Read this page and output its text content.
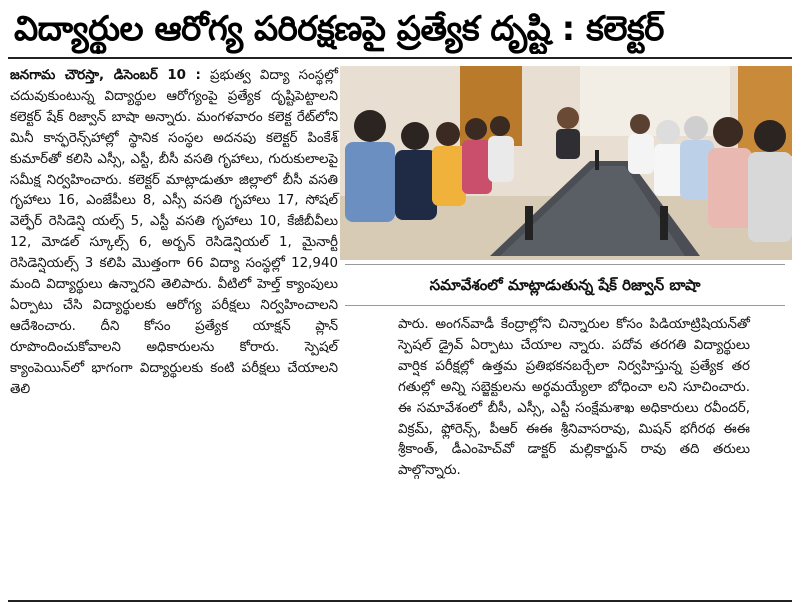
విద్యార్థుల ఆరోగ్య పరిరక్షణపై ప్రత్యేక దృష్టి : కలెక్టర్

జనగామ చౌరస్తా, డిసెంబర్ 10 : ప్రభుత్వ విద్యా సంస్థల్లో చదువుకుంటున్న విద్యార్థుల ఆరోగ్యంపై ప్రత్యేక దృష్టిపెట్టాలని కలెక్టర్ షేక్ రిజ్వాన్ బాషా అన్నారు. మంగళవారం కలెక్ట రేట్‌లోని మినీ కాన్ఫరెన్స్‌హాల్లో స్థానిక సంస్థల అదనపు కలెక్టర్ పింకేశ్ కుమార్‌తో కలిసి ఎస్సీ, ఎస్టీ, బీసీ వసతి గృహాలు, గురుకులాలపై సమీక్ష నిర్వహించారు. కలెక్టర్ మాట్లాడుతూ జిల్లాలో బీసీ వసతి గృహాలు 16, ఎంజేపీలు 8, ఎస్సీ వసతి గృహాలు 17, సోషల్ వెల్ఫేర్ రెసిడెన్షి యల్స్ 5, ఎస్టీ వసతి గృహాలు 10, కేజీబీవీలు 12, మోడల్ స్కూల్స్ 6, అర్బన్ రెసిడెన్షియల్ 1, మైనార్టీ రెసిడెన్షియల్స్ 3 కలిపి మొత్తంగా 66 విద్యా సంస్థల్లో 12,940 మంది విద్యార్థులు ఉన్నారని తెలిపారు. వీటిలో హెల్త్ క్యాంపులు ఏర్పాటు చేసి విద్యార్థులకు ఆరోగ్య పరీక్షలు నిర్వహించాలని ఆదేశించారు. దీని కోసం ప్రత్యేక యాక్షన్ ప్లాన్ రూపొందించుకోవాలని అధికారులను కోరారు. స్పెషల్ క్యాంపెయిన్‌లో భాగంగా విద్యార్థులకు కంటి పరీక్షలు చేయాలని తెలి

సమావేశంలో మాట్లాడుతున్న షేక్ రిజ్వాన్ బాషా

పారు. అంగన్‌వాడీ కేంద్రాల్లోని చిన్నారుల కోసం పిడియాట్రిషియన్‌తో స్పెషల్ డ్రైవ్ ఏర్పాటు చేయాల న్నారు. పదోవ తరగతి విద్యార్థులు వార్షిక పరీక్షల్లో ఉత్తమ ప్రతిభకనబర్చేలా నిర్వహిస్తున్న ప్రత్యేక తర గతుల్లో అన్ని సబ్జెక్టులను అర్థమయ్యేలా బోధించా లని సూచించారు. ఈ సమావేశంలో బీసీ, ఎస్సీ, ఎస్టీ సంక్షేమశాఖ అధికారులు రవీందర్, విక్రమ్, ఫ్లోరెన్స్, పీఆర్ ఈఈ శ్రీనివాసరావు, మిషన్ భగీరథ ఈఈ శ్రీకాంత్, డీఎంహెచ్‌వో డాక్టర్ మల్లికార్జున్ రావు తది తరులు పాల్గొన్నారు.
